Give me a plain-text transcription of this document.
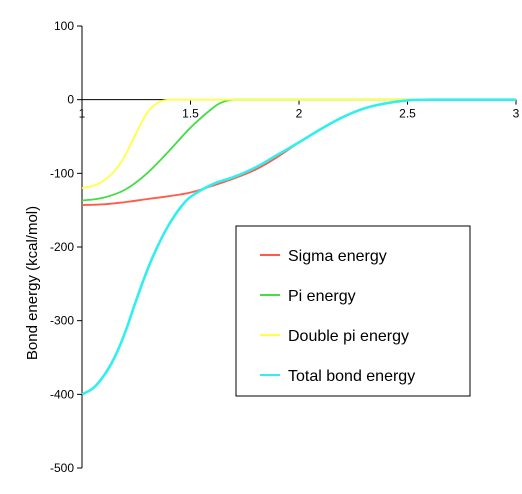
100
0
-100
-200
-300
-400
-500
1	1.5	2	2.5	3
Bond energy (kcal/mol)	Sigma energy
Pi energy
Double pi energy
Total bond energy
